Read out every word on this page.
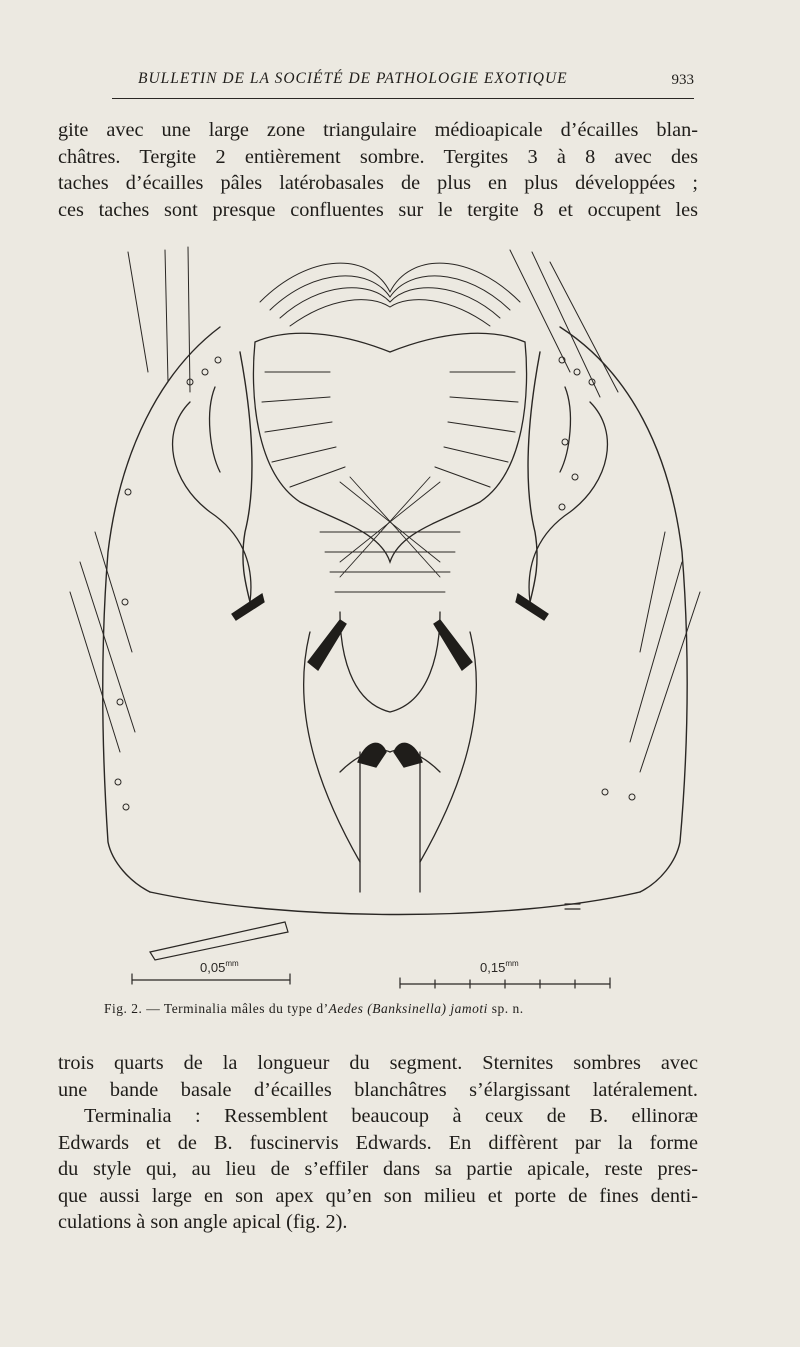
BULLETIN DE LA SOCIÉTÉ DE PATHOLOGIE EXOTIQUE	933
gite avec une large zone triangulaire médioapicale d’écailles blan-
châtres. Tergite 2 entièrement sombre. Tergites 3 à 8 avec des
taches d’écailles pâles latérobasales de plus en plus développées ;
ces taches sont presque confluentes sur le tergite 8 et occupent les
$0,05^{mm}$	$0,15^{mm}$
Fig. 2. — Terminalia mâles du type d’Aedes (Banksinella) jamoti sp. n.
trois quarts de la longueur du segment. Sternites sombres avec
une bande basale d’écailles blanchâtres s’élargissant latéralement.
Terminalia : Ressemblent beaucoup à ceux de B. ellinoræ
Edwards et de B. fuscinervis Edwards. En diffèrent par la forme
du style qui, au lieu de s’effiler dans sa partie apicale, reste pres-
que aussi large en son apex qu’en son milieu et porte de fines denti-
culations à son angle apical (fig. 2).
